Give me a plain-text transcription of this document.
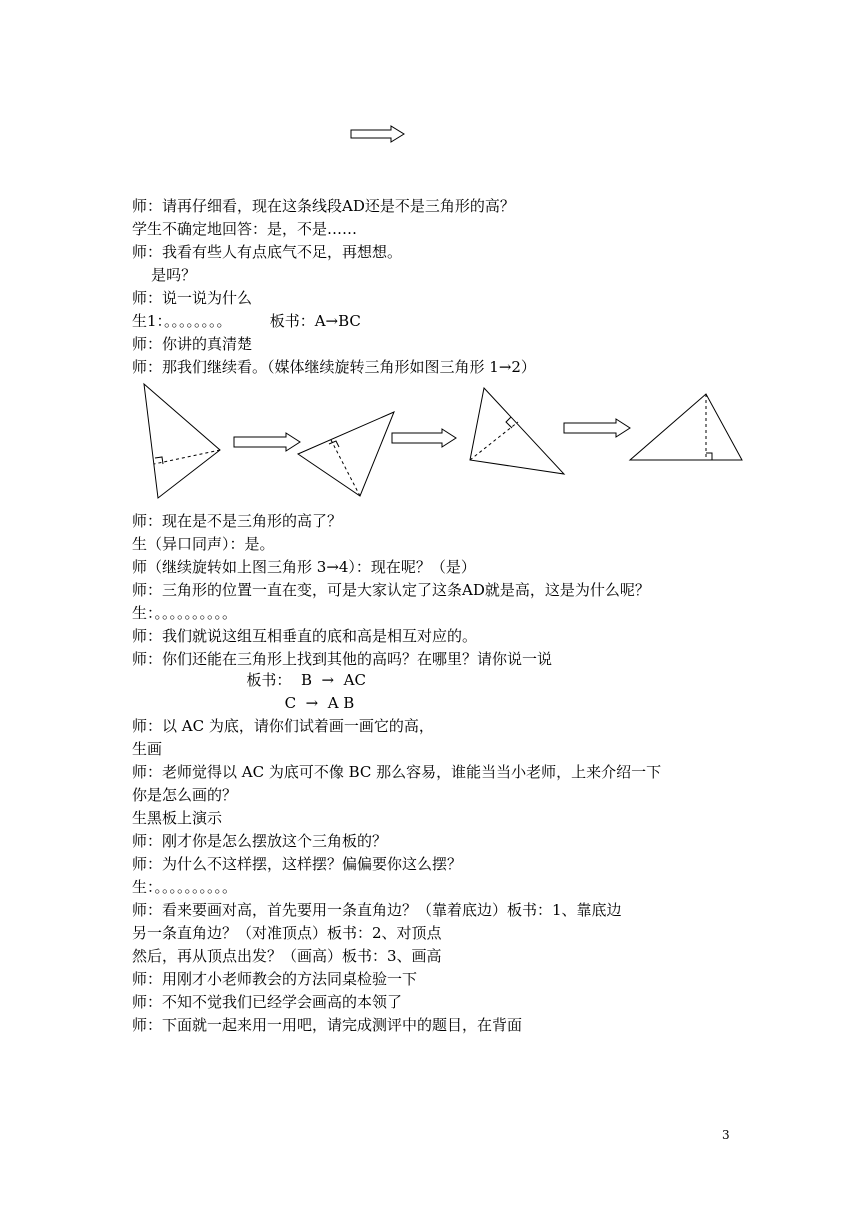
师：请再仔细看，现在这条线段AD还是不是三角形的高？
学生不确定地回答：是，不是……
师：我看有些人有点底气不足，再想想。
是吗？
师：说一说为什么
生1：。。。。。。。。        板书：A→BC
师：你讲的真清楚
师：那我们继续看。（媒体继续旋转三角形如图三角形 1→2）
师：现在是不是三角形的高了？
生（异口同声）：是。
师（继续旋转如上图三角形 3→4）：现在呢？（是）
师：三角形的位置一直在变，可是大家认定了这条AD就是高，这是为什么呢？
生：。。。。。。。。。。
师：我们就说这组互相垂直的底和高是相互对应的。
师：你们还能在三角形上找到其他的高吗？在哪里？请你说一说
板书：  B  →  AC
C  →  A B
师：以 AC 为底，请你们试着画一画它的高，
生画
师：老师觉得以 AC 为底可不像 BC 那么容易，谁能当当小老师，上来介绍一下
你是怎么画的？
生黑板上演示
师：刚才你是怎么摆放这个三角板的？
师：为什么不这样摆，这样摆？偏偏要你这么摆？
生：。。。。。。。。。。
师：看来要画对高，首先要用一条直角边？（靠着底边）板书：1、靠底边
另一条直角边？（对准顶点）板书：2、对顶点
然后，再从顶点出发？（画高）板书：3、画高
师：用刚才小老师教会的方法同桌检验一下
师：不知不觉我们已经学会画高的本领了
师：下面就一起来用一用吧，请完成测评中的题目，在背面
3
